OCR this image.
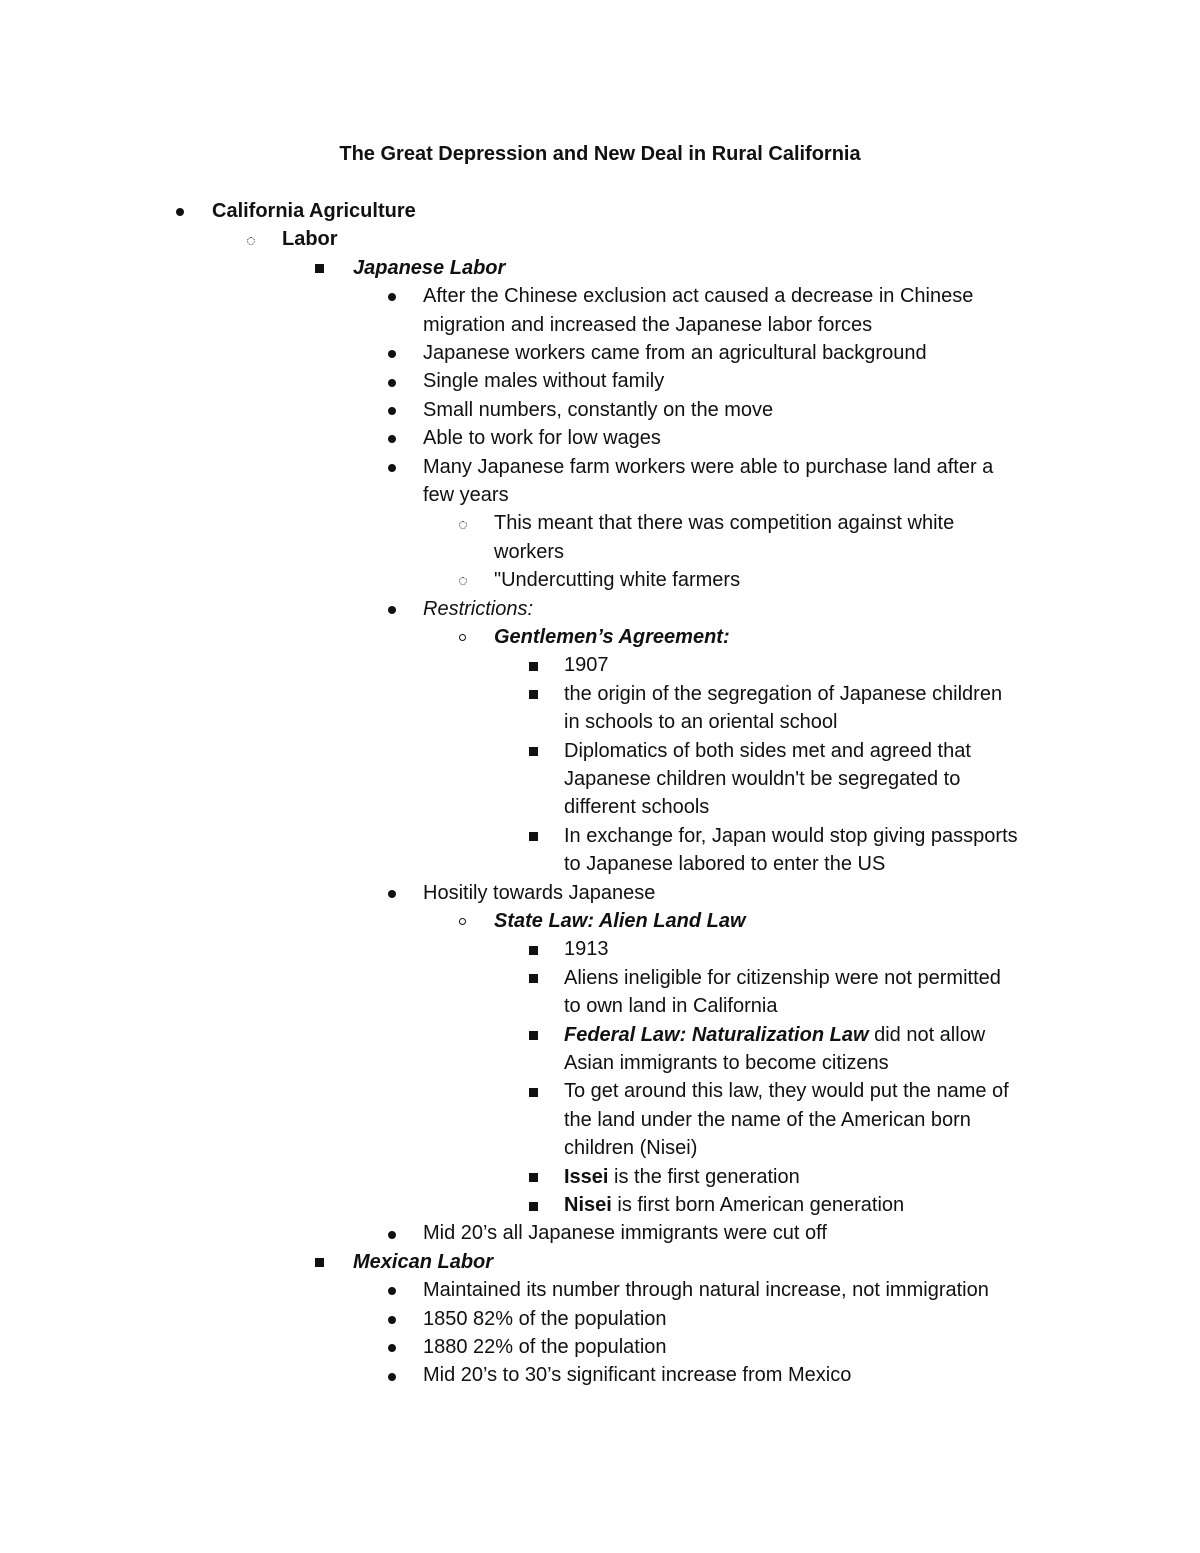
The Great Depression and New Deal in Rural California
California Agriculture
Labor
Japanese Labor
After the Chinese exclusion act caused a decrease in Chinese
migration and increased the Japanese labor forces
Japanese workers came from an agricultural background
Single males without family
Small numbers, constantly on the move
Able to work for low wages
Many Japanese farm workers were able to purchase land after a
few years
This meant that there was competition against white
workers
"Undercutting white farmers
Restrictions:
Gentlemen’s Agreement:
1907
the origin of the segregation of Japanese children
in schools to an oriental school
Diplomatics of both sides met and agreed that
Japanese children wouldn't be segregated to
different schools
In exchange for, Japan would stop giving passports
to Japanese labored to enter the US
Hositily towards Japanese
State Law: Alien Land Law
1913
Aliens ineligible for citizenship were not permitted
to own land in California
Federal Law: Naturalization Law did not allow
Asian immigrants to become citizens
To get around this law, they would put the name of
the land under the name of the American born
children (Nisei)
Issei is the first generation
Nisei is first born American generation
Mid 20’s all Japanese immigrants were cut off
Mexican Labor
Maintained its number through natural increase, not immigration
1850 82% of the population
1880 22% of the population
Mid 20’s to 30’s significant increase from Mexico
